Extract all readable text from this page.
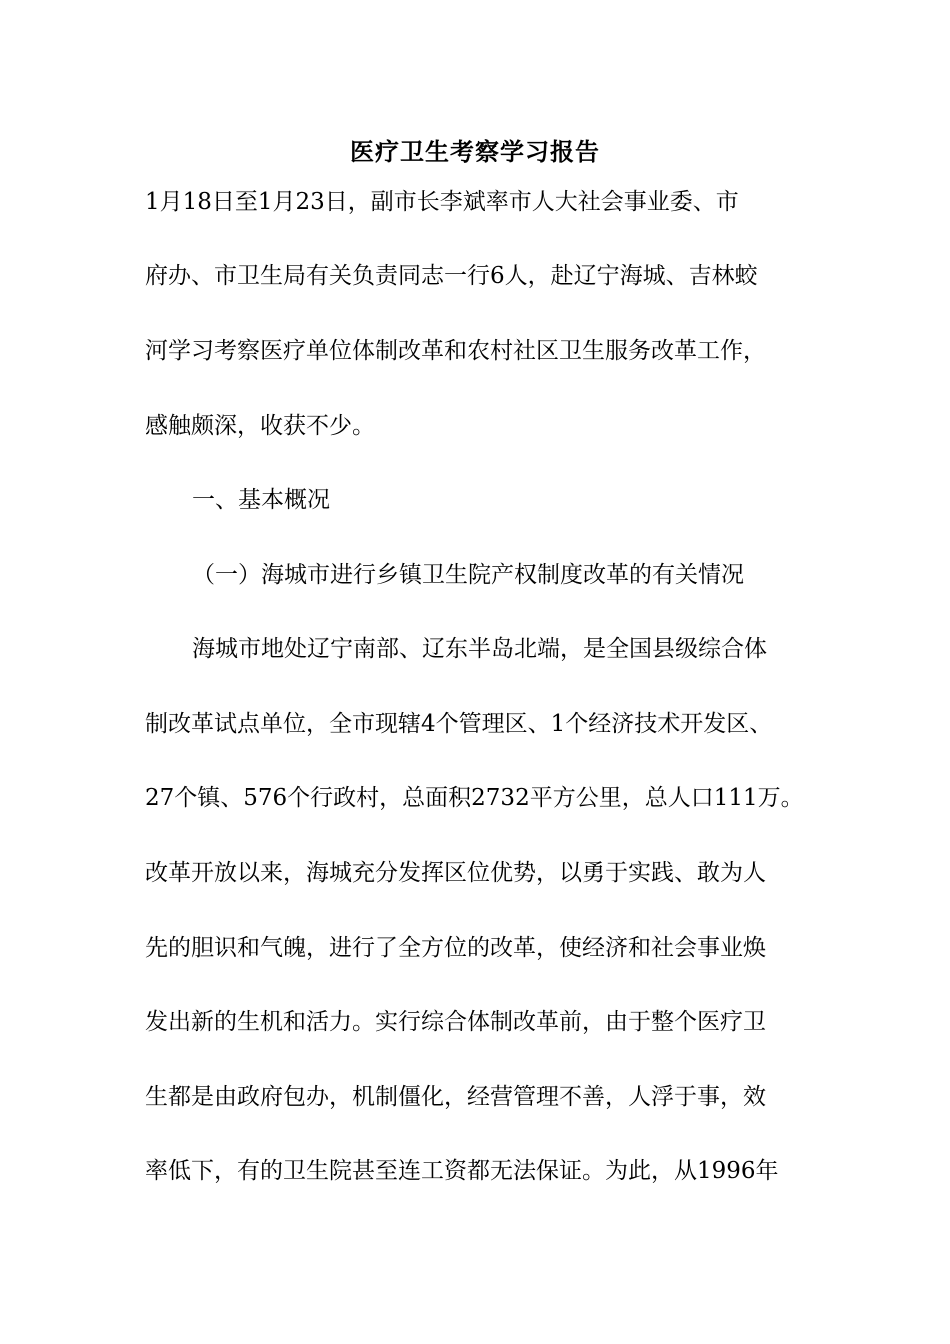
医疗卫生考察学习报告

1月18日至1月23日，副市长李斌率市人大社会事业委、市

府办、市卫生局有关负责同志一行6人，赴辽宁海城、吉林蛟

河学习考察医疗单位体制改革和农村社区卫生服务改革工作，

感触颇深，收获不少。

一、基本概况

（一）海城市进行乡镇卫生院产权制度改革的有关情况

海城市地处辽宁南部、辽东半岛北端，是全国县级综合体

制改革试点单位，全市现辖4个管理区、1个经济技术开发区、

27个镇、576个行政村，总面积2732平方公里，总人口111万。

改革开放以来，海城充分发挥区位优势，以勇于实践、敢为人

先的胆识和气魄，进行了全方位的改革，使经济和社会事业焕

发出新的生机和活力。实行综合体制改革前，由于整个医疗卫

生都是由政府包办，机制僵化，经营管理不善，人浮于事，效

率低下，有的卫生院甚至连工资都无法保证。为此，从1996年
